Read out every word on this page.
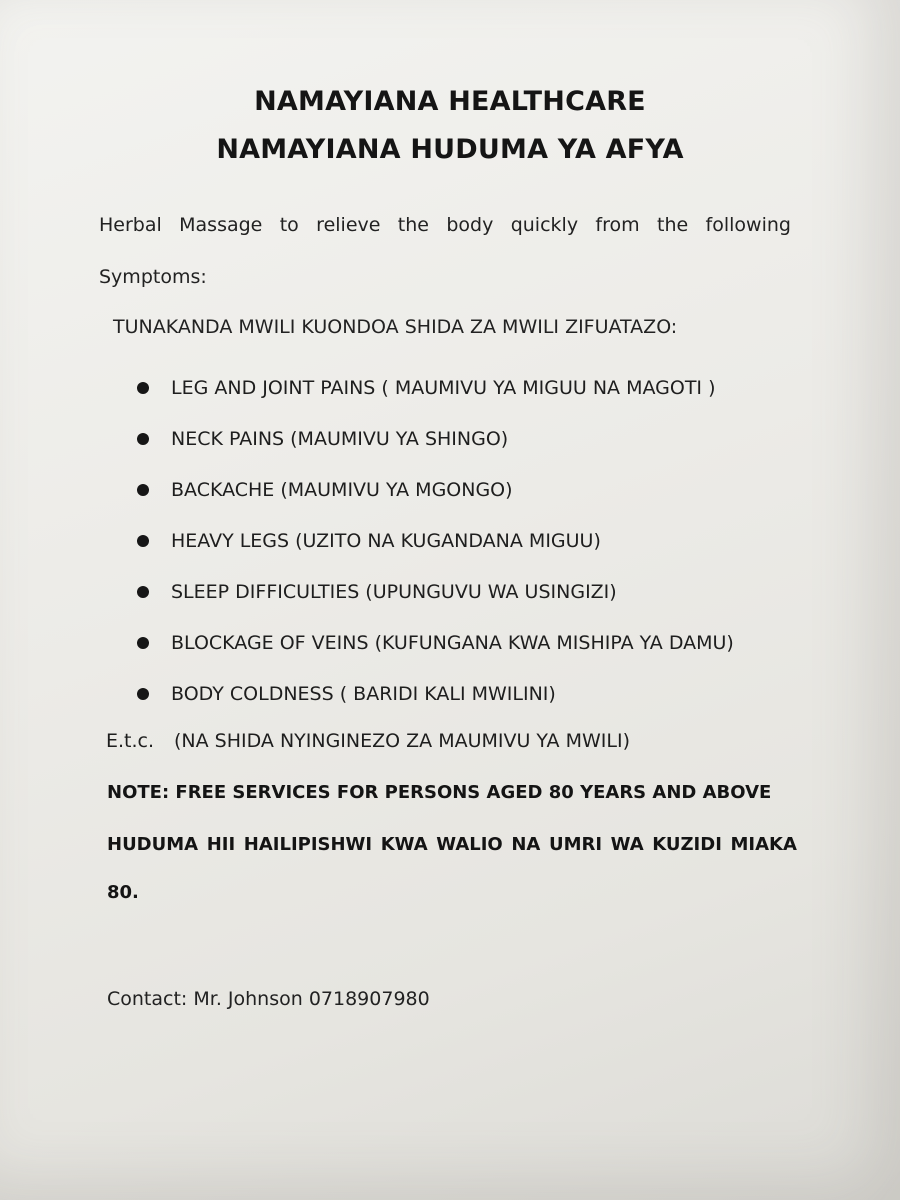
NAMAYIANA HEALTHCARE
NAMAYIANA HUDUMA YA AFYA
Herbal Massage to relieve the body quickly from the following
Symptoms:
TUNAKANDA MWILI KUONDOA SHIDA ZA MWILI ZIFUATAZO:
LEG AND JOINT PAINS ( MAUMIVU YA MIGUU NA MAGOTI )
NECK PAINS (MAUMIVU YA SHINGO)
BACKACHE (MAUMIVU YA MGONGO)
HEAVY LEGS (UZITO NA KUGANDANA MIGUU)
SLEEP DIFFICULTIES (UPUNGUVU WA USINGIZI)
BLOCKAGE OF VEINS (KUFUNGANA KWA MISHIPA YA DAMU)
BODY COLDNESS ( BARIDI KALI MWILINI)
E.t.c.	(NA SHIDA NYINGINEZO ZA MAUMIVU YA MWILI)
NOTE: FREE SERVICES FOR PERSONS AGED 80 YEARS AND ABOVE
HUDUMA HII HAILIPISHWI KWA WALIO NA UMRI WA KUZIDI MIAKA
80.
Contact: Mr. Johnson 0718907980
